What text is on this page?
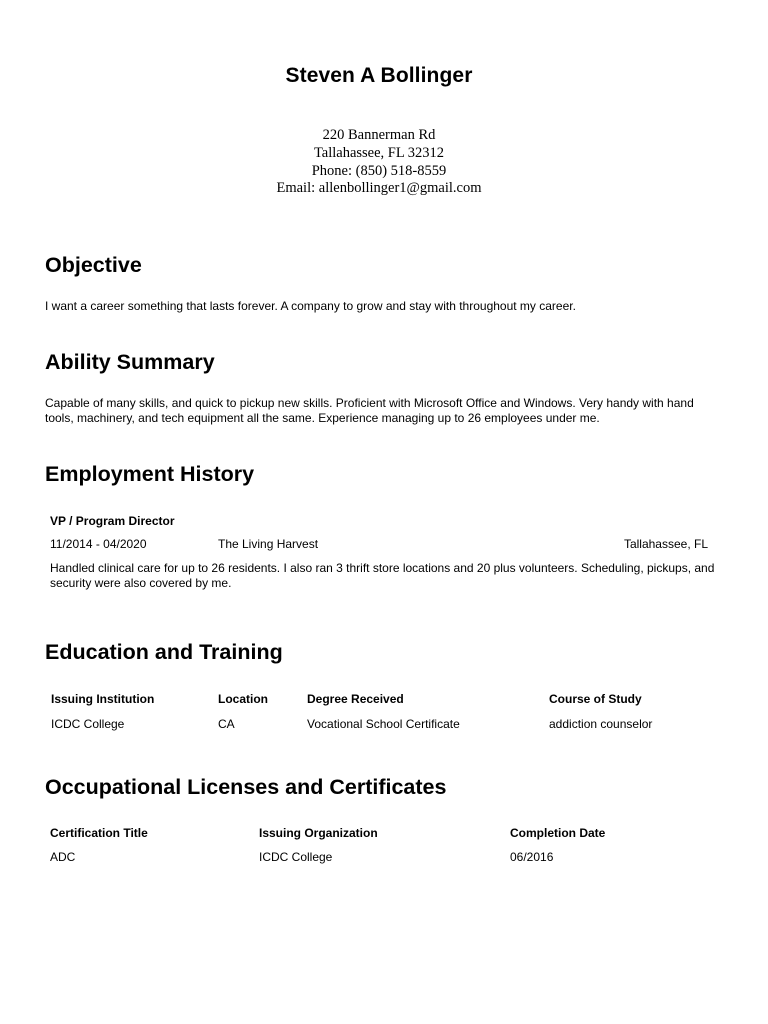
Steven A Bollinger
220 Bannerman Rd
Tallahassee, FL 32312
Phone: (850) 518-8559
Email: allenbollinger1@gmail.com
Objective

I want a career something that lasts forever. A company to grow and stay with throughout my career.

Ability Summary

Capable of many skills, and quick to pickup new skills. Proficient with Microsoft Office and Windows. Very handy with hand tools, machinery, and tech equipment all the same. Experience managing up to 26 employees under me.

Employment History
VP / Program Director
11/2014 - 04/2020	The Living Harvest	Tallahassee, FL
Handled clinical care for up to 26 residents. I also ran 3 thrift store locations and 20 plus volunteers. Scheduling, pickups, and security were also covered by me.
Education and Training
Issuing Institution	Location	Degree Received	Course of Study
ICDC College	CA	Vocational School Certificate	addiction counselor
Occupational Licenses and Certificates
Certification Title	Issuing Organization	Completion Date
ADC	ICDC College	06/2016
